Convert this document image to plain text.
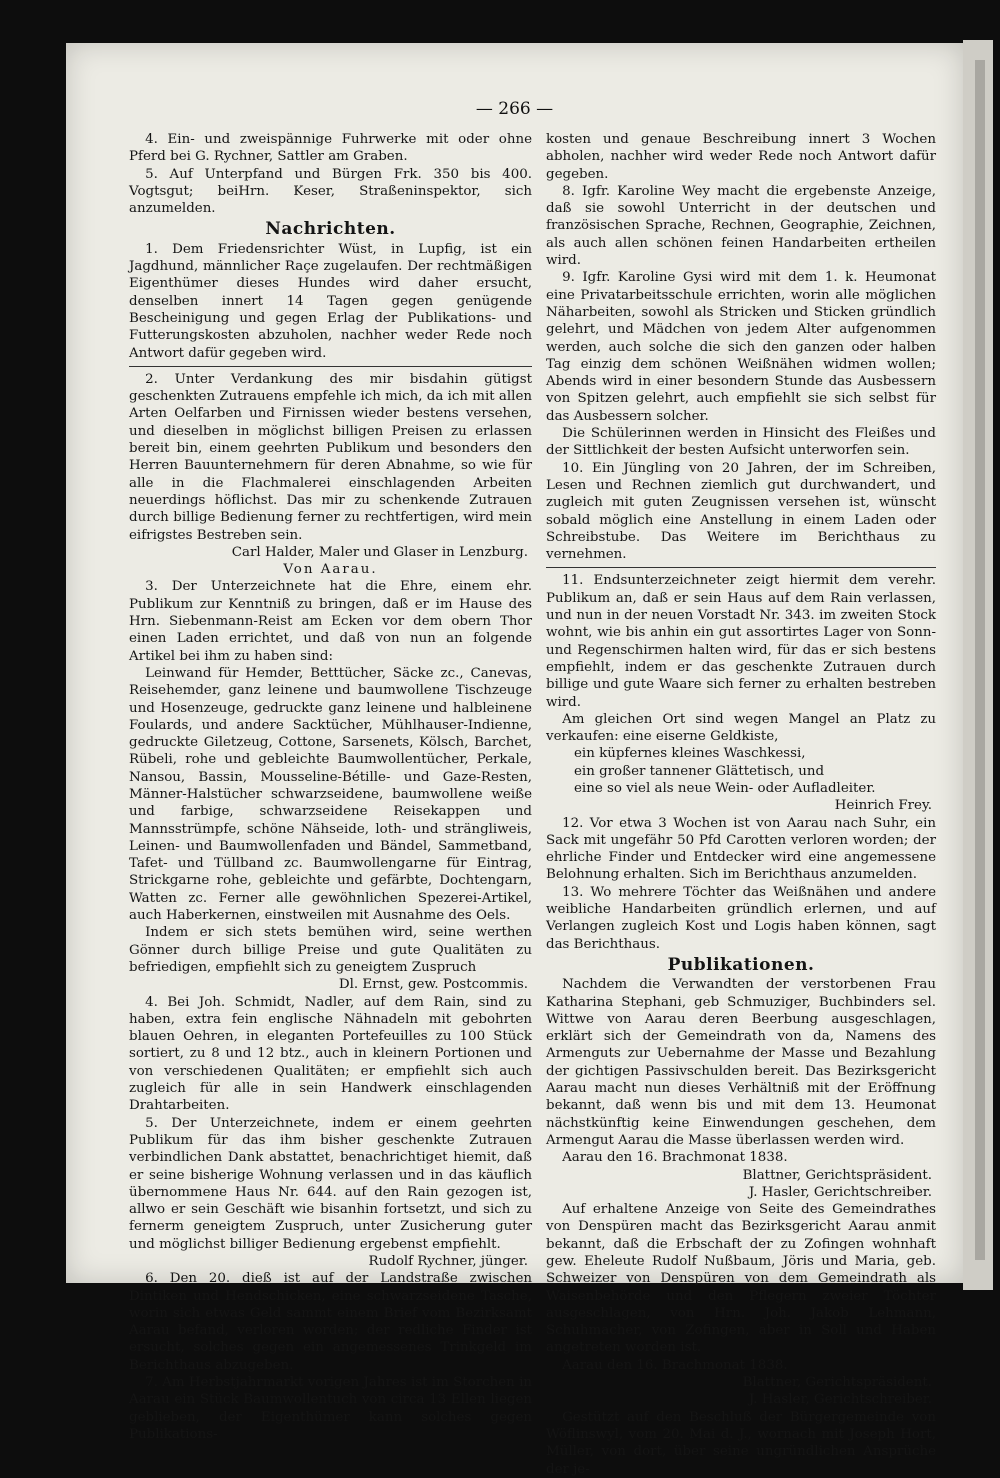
— 266 —

4. Ein- und zweispännige Fuhrwerke mit oder ohne Pferd bei G. Rychner, Sattler am Graben.

5. Auf Unterpfand und Bürgen Frk. 350 bis 400. Vogtsgut; beiHrn. Keser, Straßeninspektor, sich anzumelden.

Nachrichten.

1. Dem Friedensrichter Wüst, in Lupfig, ist ein Jagdhund, männlicher Raçe zugelaufen. Der rechtmäßigen Eigenthümer dieses Hundes wird daher ersucht, denselben innert 14 Tagen gegen genügende Bescheinigung und gegen Erlag der Publikations- und Futterungskosten abzuholen, nachher weder Rede noch Antwort dafür gegeben wird.

2. Unter Verdankung des mir bisdahin gütigst geschenkten Zutrauens empfehle ich mich, da ich mit allen Arten Oelfarben und Firnissen wieder bestens versehen, und dieselben in möglichst billigen Preisen zu erlassen bereit bin, einem geehrten Publikum und besonders den Herren Bauunternehmern für deren Abnahme, so wie für alle in die Flachmalerei einschlagenden Arbeiten neuerdings höflichst. Das mir zu schenkende Zutrauen durch billige Bedienung ferner zu rechtfertigen, wird mein eifrigstes Bestreben sein.

Carl Halder, Maler und Glaser in Lenzburg.

Von Aarau.

3. Der Unterzeichnete hat die Ehre, einem ehr. Publikum zur Kenntniß zu bringen, daß er im Hause des Hrn. Siebenmann-Reist am Ecken vor dem obern Thor einen Laden errichtet, und daß von nun an folgende Artikel bei ihm zu haben sind:

Leinwand für Hemder, Betttücher, Säcke zc., Canevas, Reisehemder, ganz leinene und baumwollene Tischzeuge und Hosenzeuge, gedruckte ganz leinene und halbleinene Foulards, und andere Sacktücher, Mühlhauser-Indienne, gedruckte Giletzeug, Cottone, Sarsenets, Kölsch, Barchet, Rübeli, rohe und gebleichte Baumwollentücher, Perkale, Nansou, Bassin, Mousseline-Bétille- und Gaze-Resten, Männer-Halstücher schwarzseidene, baumwollene weiße und farbige, schwarzseidene Reisekappen und Mannsstrümpfe, schöne Nähseide, loth- und strängliweis, Leinen- und Baumwollenfaden und Bändel, Sammetband, Tafet- und Tüllband zc. Baumwollengarne für Eintrag, Strickgarne rohe, gebleichte und gefärbte, Dochtengarn, Watten zc. Ferner alle gewöhnlichen Spezerei-Artikel, auch Haberkernen, einstweilen mit Ausnahme des Oels.

Indem er sich stets bemühen wird, seine werthen Gönner durch billige Preise und gute Qualitäten zu befriedigen, empfiehlt sich zu geneigtem Zuspruch

Dl. Ernst, gew. Postcommis.

4. Bei Joh. Schmidt, Nadler, auf dem Rain, sind zu haben, extra fein englische Nähnadeln mit gebohrten blauen Oehren, in eleganten Portefeuilles zu 100 Stück sortiert, zu 8 und 12 btz., auch in kleinern Portionen und von verschiedenen Qualitäten; er empfiehlt sich auch zugleich für alle in sein Handwerk einschlagenden Drahtarbeiten.

5. Der Unterzeichnete, indem er einem geehrten Publikum für das ihm bisher geschenkte Zutrauen verbindlichen Dank abstattet, benachrichtiget hiemit, daß er seine bisherige Wohnung verlassen und in das käuflich übernommene Haus Nr. 644. auf den Rain gezogen ist, allwo er sein Geschäft wie bisanhin fortsetzt, und sich zu fernerm geneigtem Zuspruch, unter Zusicherung guter und möglichst billiger Bedienung ergebenst empfiehlt.

Rudolf Rychner, jünger.

6. Den 20. dieß ist auf der Landstraße zwischen Dintiken und Hendschicken, eine schwarzseidene Tasche, worin sich etwas Geld sammt einem Brief vom Bezirksamt Aarau befand, verloren worden; der redliche Finder ist ersucht, solches gegen ein angemessenes Trinkgeld im Berichthaus abzugeben.

7. Am Herbstjahrmarkt vorigen Jahres ist im Storchen in Aarau ein Stück Baumwollentuch von circa 13 Ellen liegen geblieben, der Eigenthümer kann solches gegen Publikations-

kosten und genaue Beschreibung innert 3 Wochen abholen, nachher wird weder Rede noch Antwort dafür gegeben.

8. Igfr. Karoline Wey macht die ergebenste Anzeige, daß sie sowohl Unterricht in der deutschen und französischen Sprache, Rechnen, Geographie, Zeichnen, als auch allen schönen feinen Handarbeiten ertheilen wird.

9. Igfr. Karoline Gysi wird mit dem 1. k. Heumonat eine Privatarbeitsschule errichten, worin alle möglichen Näharbeiten, sowohl als Stricken und Sticken gründlich gelehrt, und Mädchen von jedem Alter aufgenommen werden, auch solche die sich den ganzen oder halben Tag einzig dem schönen Weißnähen widmen wollen; Abends wird in einer besondern Stunde das Ausbessern von Spitzen gelehrt, auch empfiehlt sie sich selbst für das Ausbessern solcher.

Die Schülerinnen werden in Hinsicht des Fleißes und der Sittlichkeit der besten Aufsicht unterworfen sein.

10. Ein Jüngling von 20 Jahren, der im Schreiben, Lesen und Rechnen ziemlich gut durchwandert, und zugleich mit guten Zeugnissen versehen ist, wünscht sobald möglich eine Anstellung in einem Laden oder Schreibstube. Das Weitere im Berichthaus zu vernehmen.

11. Endsunterzeichneter zeigt hiermit dem verehr. Publikum an, daß er sein Haus auf dem Rain verlassen, und nun in der neuen Vorstadt Nr. 343. im zweiten Stock wohnt, wie bis anhin ein gut assortirtes Lager von Sonn- und Regenschirmen halten wird, für das er sich bestens empfiehlt, indem er das geschenkte Zutrauen durch billige und gute Waare sich ferner zu erhalten bestreben wird.

Am gleichen Ort sind wegen Mangel an Platz zu verkaufen: eine eiserne Geldkiste,

ein küpfernes kleines Waschkessi,

ein großer tannener Glättetisch, und

eine so viel als neue Wein- oder Aufladleiter.

Heinrich Frey.

12. Vor etwa 3 Wochen ist von Aarau nach Suhr, ein Sack mit ungefähr 50 Pfd Carotten verloren worden; der ehrliche Finder und Entdecker wird eine angemessene Belohnung erhalten. Sich im Berichthaus anzumelden.

13. Wo mehrere Töchter das Weißnähen und andere weibliche Handarbeiten gründlich erlernen, und auf Verlangen zugleich Kost und Logis haben können, sagt das Berichthaus.

Publikationen.

Nachdem die Verwandten der verstorbenen Frau Katharina Stephani, geb Schmuziger, Buchbinders sel. Wittwe von Aarau deren Beerbung ausgeschlagen, erklärt sich der Gemeindrath von da, Namens des Armenguts zur Uebernahme der Masse und Bezahlung der gichtigen Passivschulden bereit. Das Bezirksgericht Aarau macht nun dieses Verhältniß mit der Eröffnung bekannt, daß wenn bis und mit dem 13. Heumonat nächstkünftig keine Einwendungen geschehen, dem Armengut Aarau die Masse überlassen werden wird.

Aarau den 16. Brachmonat 1838.

Blattner, Gerichtspräsident.

J. Hasler, Gerichtschreiber.

Auf erhaltene Anzeige von Seite des Gemeindrathes von Denspüren macht das Bezirksgericht Aarau anmit bekannt, daß die Erbschaft der zu Zofingen wohnhaft gew. Eheleute Rudolf Nußbaum, Jöris und Maria, geb. Schweizer von Denspüren von dem Gemeindrath als Waisenbehörde und den Pflegern zweier Töchter ausgeschlagen, von Hrn. Joh. Jakob Lehmann, Schuhmacher, von Zofingen, aber in Soll und Haben angetreten worden ist.

Aarau den 16. Brachmonat 1838.

Blattner, Gerichtspräsident.

J. Hasler, Gerichtschreiber.

Gestützt auf den Beschluß der Bürgergemeinde von Wöflinswyl, vom 20. Mai d. J., wornach mit Joseph Hort, Müller, von dort, über seine ungründlichen Ansprüche der je-
